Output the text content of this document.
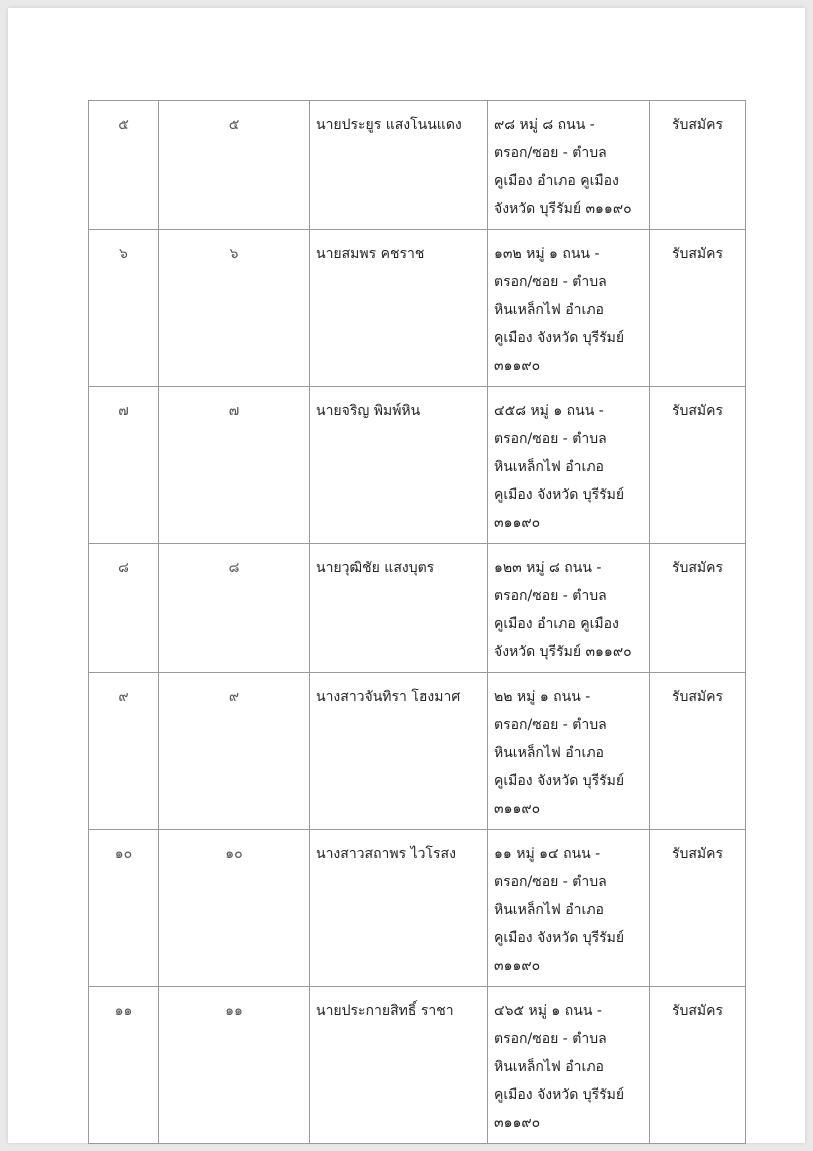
๕	๕	นายประยูร แสงโนนแดง	๙๘ หมู่ ๘ ถนน -
ตรอก/ซอย - ตำบล
คูเมือง อำเภอ คูเมือง
จังหวัด บุรีรัมย์ ๓๑๑๙๐	รับสมัคร
๖	๖	นายสมพร คชราช	๑๓๒ หมู่ ๑ ถนน -
ตรอก/ซอย - ตำบล
หินเหล็กไฟ อำเภอ
คูเมือง จังหวัด บุรีรัมย์
๓๑๑๙๐	รับสมัคร
๗	๗	นายจริญ พิมพ์หิน	๔๕๘ หมู่ ๑ ถนน -
ตรอก/ซอย - ตำบล
หินเหล็กไฟ อำเภอ
คูเมือง จังหวัด บุรีรัมย์
๓๑๑๙๐	รับสมัคร
๘	๘	นายวุฒิชัย แสงบุตร	๑๒๓ หมู่ ๘ ถนน -
ตรอก/ซอย - ตำบล
คูเมือง อำเภอ คูเมือง
จังหวัด บุรีรัมย์ ๓๑๑๙๐	รับสมัคร
๙	๙	นางสาวจันทิรา โฮงมาศ	๒๒ หมู่ ๑ ถนน -
ตรอก/ซอย - ตำบล
หินเหล็กไฟ อำเภอ
คูเมือง จังหวัด บุรีรัมย์
๓๑๑๙๐	รับสมัคร
๑๐	๑๐	นางสาวสถาพร ไวโรสง	๑๑ หมู่ ๑๔ ถนน -
ตรอก/ซอย - ตำบล
หินเหล็กไฟ อำเภอ
คูเมือง จังหวัด บุรีรัมย์
๓๑๑๙๐	รับสมัคร
๑๑	๑๑	นายประกายสิทธิ์ ราชา	๔๖๕ หมู่ ๑ ถนน -
ตรอก/ซอย - ตำบล
หินเหล็กไฟ อำเภอ
คูเมือง จังหวัด บุรีรัมย์
๓๑๑๙๐	รับสมัคร
